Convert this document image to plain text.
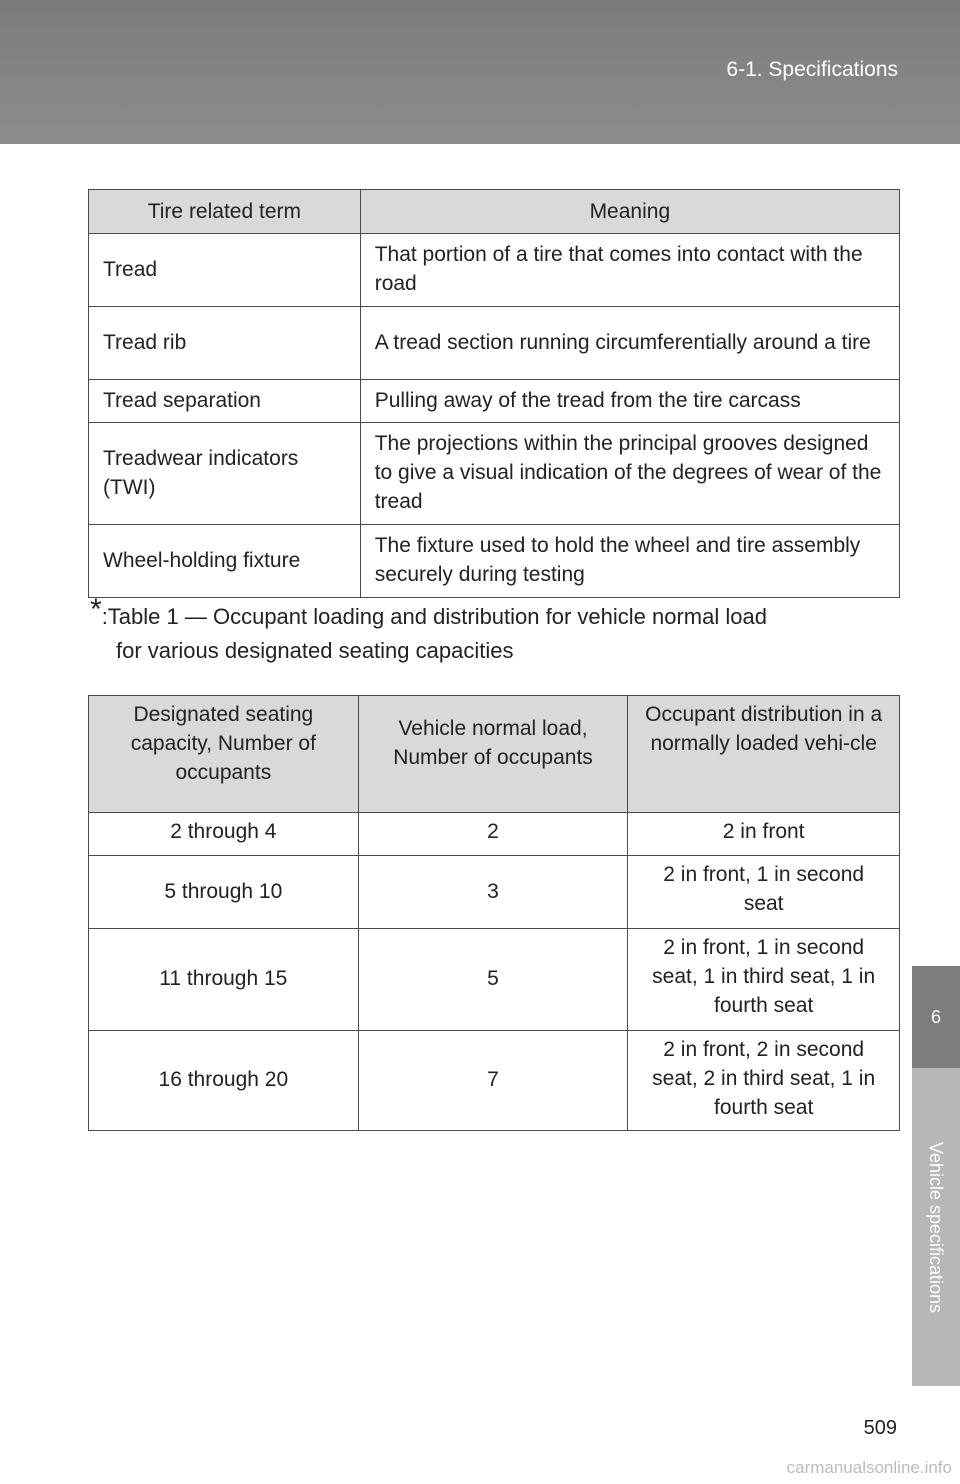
6-1. Specifications
6
Vehicle specifications
Tire related term	Meaning
Tread	That portion of a tire that comes into contact with the road
Tread rib	A tread section running circumferentially around a tire
Tread separation	Pulling away of the tread from the tire carcass
Treadwear indicators (TWI)	The projections within the principal grooves designed to give a visual indication of the degrees of wear of the tread
Wheel-holding fixture	The fixture used to hold the wheel and tire assembly securely during testing
*:Table 1 — Occupant loading and distribution for vehicle normal load
for various designated seating capacities
Designated seating capacity, Number of occupants	Vehicle normal load, Number of occupants	Occupant distribution in a normally loaded vehi-cle
2 through 4	2	2 in front
5 through 10	3	2 in front, 1 in second seat
11 through 15	5	2 in front, 1 in second seat, 1 in third seat, 1 in fourth seat
16 through 20	7	2 in front, 2 in second seat, 2 in third seat, 1 in fourth seat
509
carmanualsonline.info
